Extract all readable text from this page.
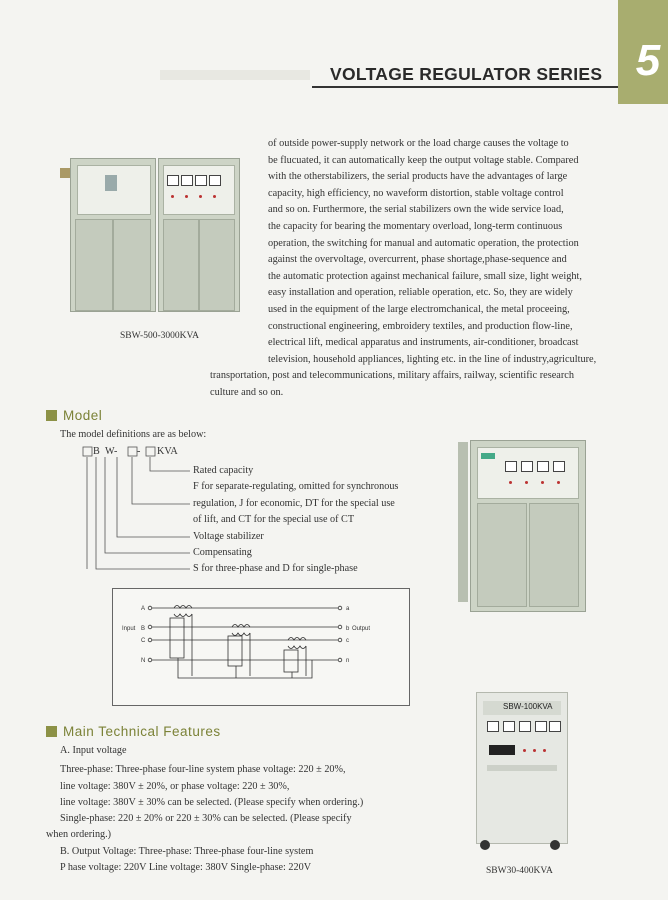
VOLTAGE REGULATOR SERIES 5
SBW-500-3000KVA
of outside power-supply network or the load charge causes the voltage to
be flucuated, it can automatically keep the output voltage stable. Compared
with the otherstabilizers, the serial products have the advantages of large
capacity, high efficiency, no waveform distortion, stable voltage control
and so on. Furthermore, the serial stabilizers own the wide service load,
the capacity for bearing the momentary overload, long-term continuous
operation, the switching for manual and automatic operation, the protection
against the overvoltage, overcurrent, phase shortage,phase-sequence and
the automatic protection against mechanical failure, small size, light weight,
easy installation and operation, reliable operation, etc. So, they are widely
used in the equipment of the large electromchanical, the metal proceeing,
constructional engineering, embroidery textiles, and production flow-line,
electrical lift, medical apparatus and instruments, air-conditioner, broadcast
television, household appliances, lighting etc. in the line of industry,agriculture,
transportation, post and telecommunications, military affairs, railway, scientific research
culture and so on.
Model
The model definitions are as below:
B W- - KVA
Rated capacity
F for separate-regulating, omitted for synchronous
regulation, J for economic, DT for the special use
of lift, and CT for the special use of CT
Voltage stabilizer
Compensating
S for three-phase and D for single-phase
A
B
C
N
Input
a
b Output
c
n
SBW-100KVA
SBW30-400KVA
Main Technical Features
A. Input voltage
Three-phase: Three-phase four-line system phase voltage: 220 ± 20%,
line voltage: 380V ± 20%, or phase voltage: 220 ± 30%,
line voltage: 380V ± 30% can be selected. (Please specify when ordering.)
Single-phase: 220 ± 20% or 220 ± 30% can be selected. (Please specify
when ordering.)
B. Output Voltage: Three-phase: Three-phase four-line system
P hase voltage: 220V Line voltage: 380V Single-phase: 220V
